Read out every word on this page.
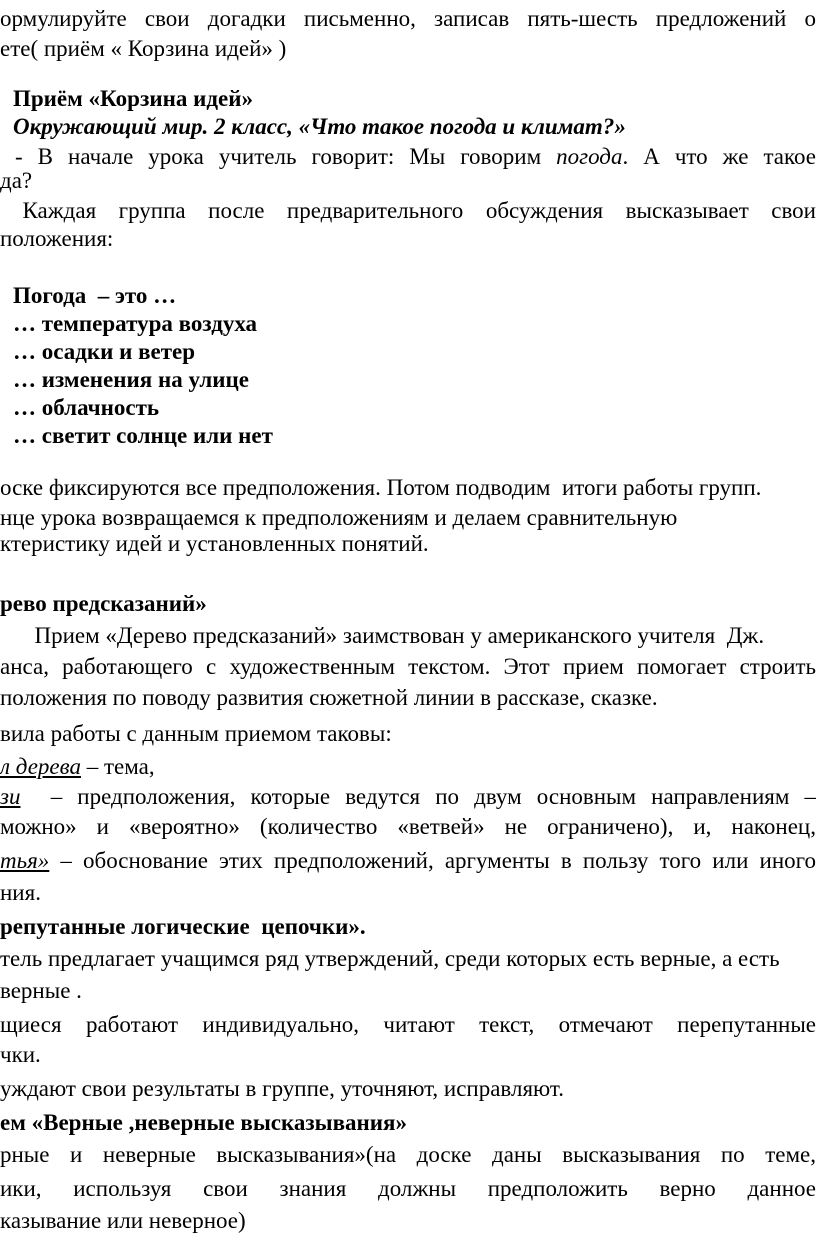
ормулируйте свои догадки письменно, записав пять-шесть предложений о
ете( приём « Корзина идей» )
Приём «Корзина идей»
Окружающий мир. 2 класс, «Что такое погода и климат?»
- В начале урока учитель говорит: Мы говорим погода. А что же такое
да?
Каждая группа после предварительного обсуждения высказывает свои
положения:
Погода  – это …
… температура воздуха
… осадки и ветер
… изменения на улице
… облачность
… светит солнце или нет
оске фиксируются все предположения. Потом подводим  итоги работы групп.
нце урока возвращаемся к предположениям и делаем сравнительную
ктеристику идей и установленных понятий.
рево предсказаний»
Прием «Дерево предсказаний» заимствован у американского учителя  Дж.
анса, работающего с художественным текстом. Этот прием помогает строить
положения по поводу развития сюжетной линии в рассказе, сказке.
вила работы с данным приемом таковы:
л дерева – тема,
зи  – предположения, которые ведутся по двум основным направлениям –
можно» и «вероятно» (количество «ветвей» не ограничено), и, наконец,
тья» – обоснование этих предположений, аргументы в пользу того или иного
ния.
репутанные логические  цепочки».
тель предлагает учащимся ряд утверждений, среди которых есть верные, а есть
верные .
щиеся работают индивидуально, читают текст, отмечают перепутанные
чки.
уждают свои результаты в группе, уточняют, исправляют.
ем «Верные ,неверные высказывания»
рные и неверные высказывания»(на доске даны высказывания по теме,
ики, используя свои знания должны предположить верно данное
казывание или неверное)
